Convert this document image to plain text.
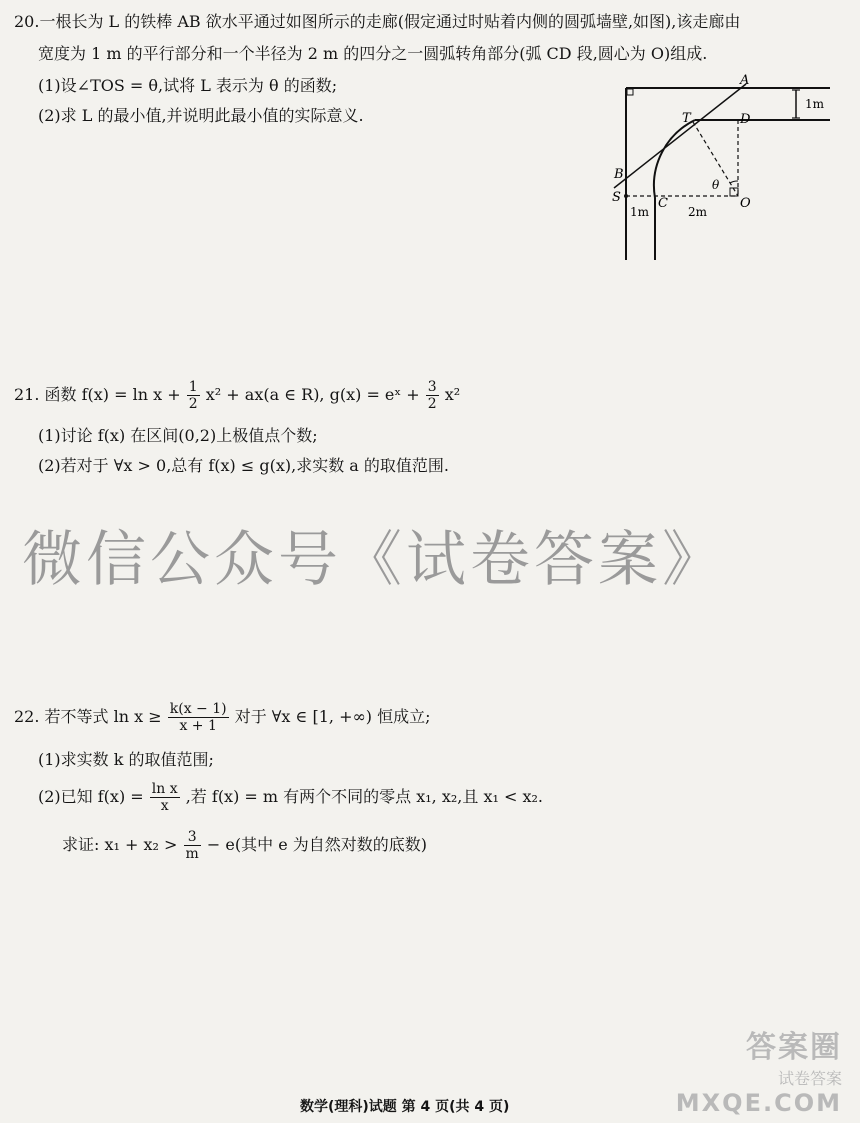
20.一根长为 L 的铁棒 AB 欲水平通过如图所示的走廊(假定通过时贴着内侧的圆弧墙壁,如图),该走廊由
宽度为 1 m 的平行部分和一个半径为 2 m 的四分之一圆弧转角部分(弧 CD 段,圆心为 O)组成.
(1)设∠TOS = θ,试将 L 表示为 θ 的函数;
(2)求 L 的最小值,并说明此最小值的实际意义.
1m
A
B
T	D
S	C	O
θ
1m	2m
21. 函数 $f(x) = \ln x + \frac{1}{2} x^2 + ax(a$ ∈ R), g(x) = eˣ + $\frac{3}{2} x^2$
(1)讨论 f(x) 在区间(0,2)上极值点个数;
(2)若对于 ∀x > 0,总有 f(x) ≤ g(x),求实数 a 的取值范围.
微信公众号《试卷答案》
22. 若不等式 $\ln x \ge \frac{k(x - 1)}{x + 1}$ 对于 ∀x ∈ [1, +∞) 恒成立;
(1)求实数 k 的取值范围;
(2)已知 $f(x) = \frac{\text{ln x}}{x}$ ,若 f(x) = m 有两个不同的零点 x₁, x₂,且 x₁ < x₂.
求证: $x_1 + x_2 > \frac{3}{m} - e$(其中 e 为自然对数的底数)
数学(理科)试题 第 4 页(共 4 页)
答案圈
试卷答案
MXQE.COM
